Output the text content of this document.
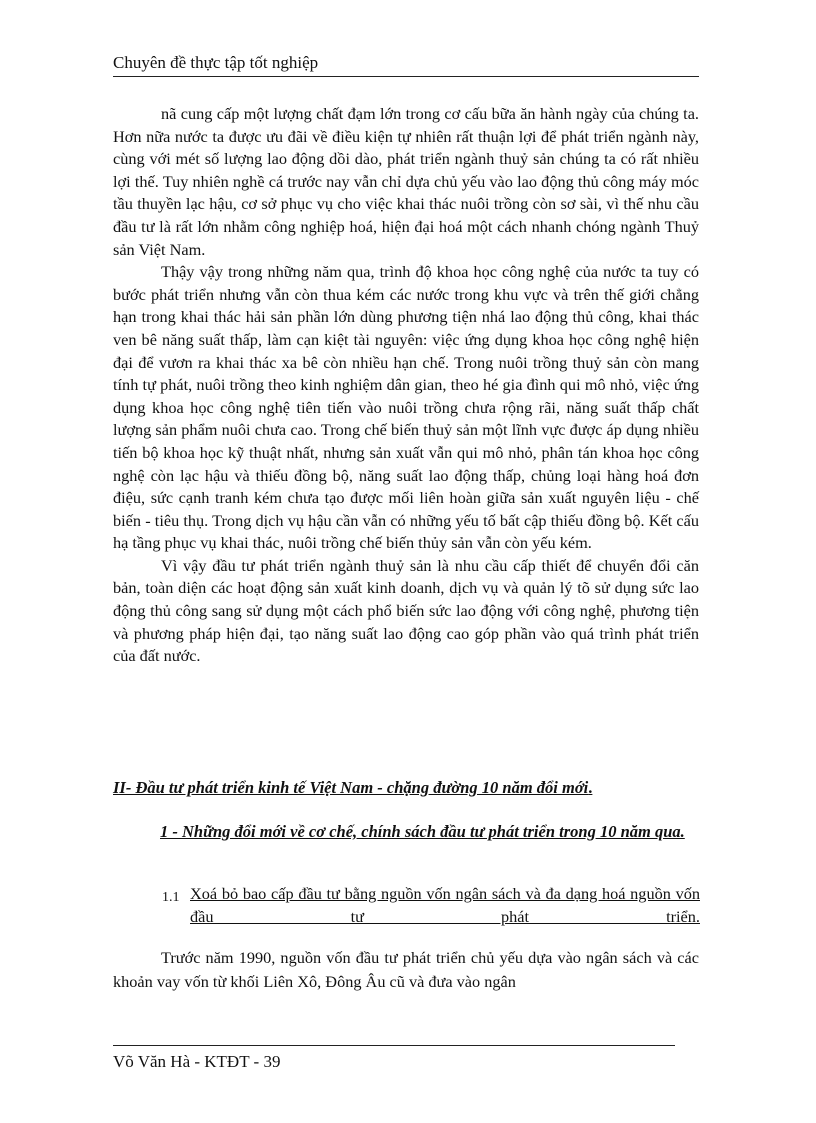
Chuyên đề thực tập tốt nghiệp

nã cung cấp một lượng chất đạm lớn trong cơ cấu bữa ăn hành ngày của chúng ta. Hơn nữa nước ta được ưu đãi về điều kiện tự nhiên rất thuận lợi để phát triển ngành này, cùng với mét số lượng lao động dồi dào, phát triển ngành thuỷ sản chúng ta có rất nhiều lợi thế. Tuy nhiên nghề cá trước nay vẫn chỉ dựa chủ yếu vào lao động thủ công máy móc tầu thuyền lạc hậu, cơ sở phục vụ cho việc khai thác nuôi trồng còn sơ sài, vì thế nhu cầu đầu tư là rất lớn nhằm công nghiệp hoá, hiện đại hoá một cách nhanh chóng ngành Thuỷ sản Việt Nam.

Thậy vậy trong những năm qua, trình độ khoa học công nghệ của nước ta tuy có bước phát triển nhưng vẫn còn thua kém các nước trong khu vực và trên thế giới chẳng hạn trong khai thác hải sản phần lớn dùng phương tiện nhá lao động thủ công, khai thác ven bê năng suất thấp, làm cạn kiệt tài nguyên: việc ứng dụng khoa học công nghệ hiện đại để vươn ra khai thác xa bê còn nhiều hạn chế. Trong nuôi trồng thuỷ sản còn mang tính tự phát, nuôi trồng theo kinh nghiệm dân gian, theo hé gia đình qui mô nhỏ, việc ứng dụng khoa học công nghệ tiên tiến vào nuôi trồng chưa rộng rãi, năng suất thấp chất lượng sản phẩm nuôi chưa cao. Trong chế biến thuỷ sản một lĩnh vực được áp dụng nhiều tiến bộ khoa học kỹ thuật nhất, nhưng sản xuất vẫn qui mô nhỏ, phân tán khoa học công nghệ còn lạc hậu và thiếu đồng bộ, năng suất lao động thấp, chủng loại hàng hoá đơn điệu, sức cạnh tranh kém chưa tạo được mối liên hoàn giữa sản xuất nguyên liệu - chế biến - tiêu thụ. Trong dịch vụ hậu cần vẫn có những yếu tố bất cập thiếu đồng bộ. Kết cấu hạ tầng phục vụ khai thác, nuôi trồng chế biến thủy sản vẫn còn yếu kém.

Vì vậy đầu tư phát triển ngành thuỷ sản là nhu cầu cấp thiết để chuyển đổi căn bản, toàn diện các hoạt động sản xuất kinh doanh, dịch vụ và quản lý tõ sử dụng sức lao động thủ công sang sử dụng một cách phổ biến sức lao động với công nghệ, phương tiện và phương pháp hiện đại, tạo năng suất lao động cao góp phần vào quá trình phát triển của đất nước.

II- Đầu tư phát triển kinh tế Việt Nam - chặng đường 10 năm đổi mới.
1 - Những đổi mới về cơ chế, chính sách đầu tư phát triển trong 10 năm qua.
1.1 Xoá bỏ bao cấp đầu tư bằng nguồn vốn ngân sách và đa dạng hoá nguồn vốn đầu tư phát triển.

Trước năm 1990, nguồn vốn đầu tư phát triển chủ yếu dựa vào ngân sách và các khoản vay vốn từ khối Liên Xô, Đông Âu cũ và đưa vào ngân

Võ Văn Hà - KTĐT - 39
